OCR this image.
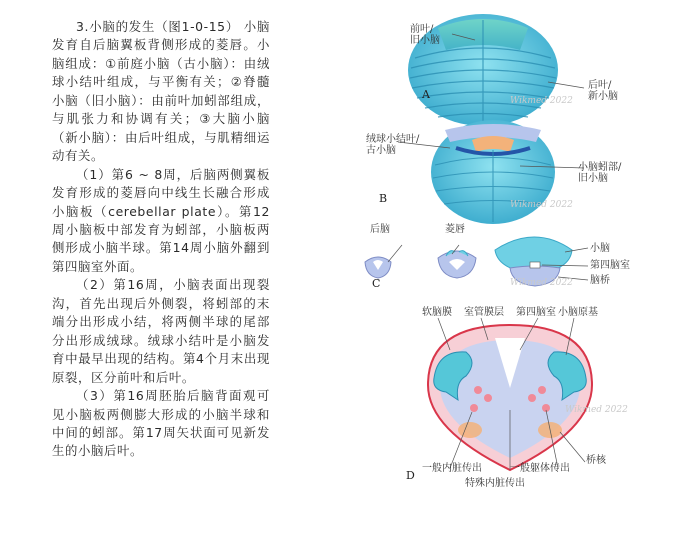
3.小脑的发生（图1-0-15） 小脑发育自后脑翼板背侧形成的菱唇。小脑组成：①前庭小脑（古小脑）：由绒球小结叶组成，与平衡有关；②脊髓小脑（旧小脑）：由前叶加蚓部组成，与肌张力和协调有关；③大脑小脑（新小脑）：由后叶组成，与肌精细运动有关。

（1）第6 ~ 8周，后脑两侧翼板发育形成的菱唇向中线生长融合形成小脑板（cerebellar plate）。第12周小脑板中部发育为蚓部，小脑板两侧形成小脑半球。第14周小脑外翻到第四脑室外面。

（2）第16周，小脑表面出现裂沟，首先出现后外侧裂，将蚓部的末端分出形成小结，将两侧半球的尾部分出形成绒球。绒球小结叶是小脑发育中最早出现的结构。第4个月末出现原裂，区分前叶和后叶。

（3）第16周胚胎后脑背面观可见小脑板两侧膨大形成的小脑半球和中间的蚓部。第17周矢状面可见新发生的小脑后叶。

A
B
C
D
前叶/
旧小脑
后叶/
新小脑
绒球小结叶/
古小脑
小脑蚓部/
旧小脑
后脑	菱唇
小脑
第四脑室
脑桥
软脑膜 室管膜层 第四脑室 小脑原基
一般内脏传出	一般躯体传出
特殊内脏传出
桥核
Wikmed 2022
Wikmed 2022
Wikmed 2022
Wikmed 2022
